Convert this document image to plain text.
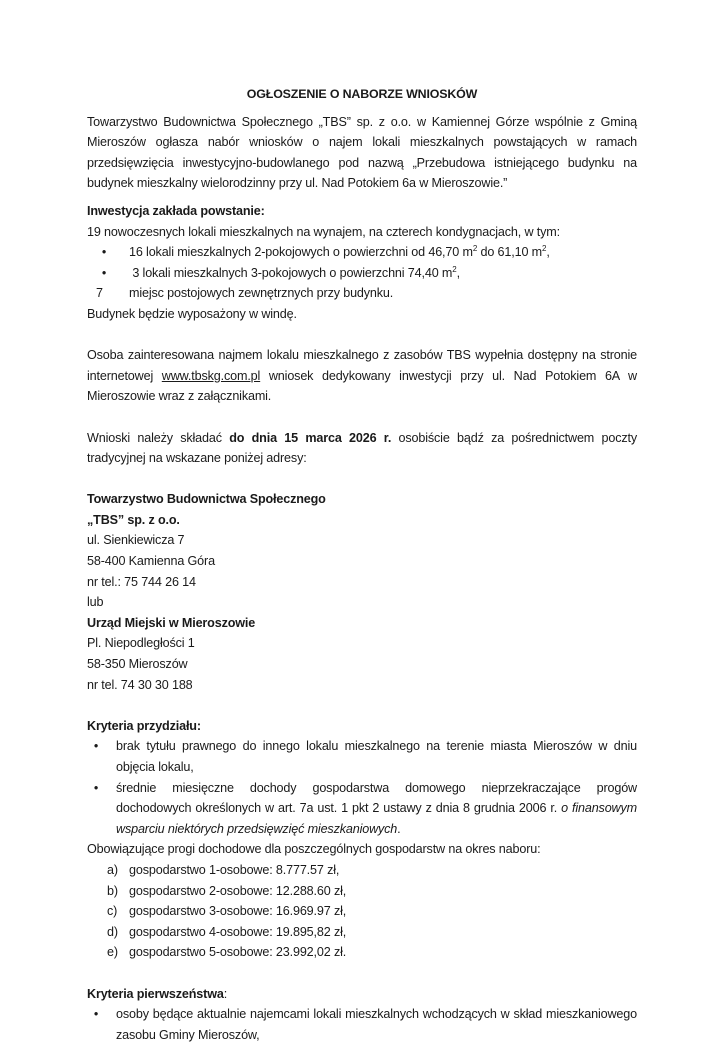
OGŁOSZENIE O NABORZE WNIOSKÓW

Towarzystwo Budownictwa Społecznego „TBS” sp. z o.o. w Kamiennej Górze wspólnie z Gminą Mieroszów ogłasza nabór wniosków o najem lokali mieszkalnych powstających w ramach przedsięwzięcia inwestycyjno-budowlanego pod nazwą „Przebudowa istniejącego budynku na budynek mieszkalny wielorodzinny przy ul. Nad Potokiem 6a w Mieroszowie.”

Inwestycja zakłada powstanie:

19 nowoczesnych lokali mieszkalnych na wynajem, na czterech kondygnacjach, w tym:

•	16 lokali mieszkalnych 2-pokojowych o powierzchni od 46,70 $m^2$ do 61,10 $m^2$,
•	3 lokali mieszkalnych 3-pokojowych o powierzchni 74,40 $m^2$,

7 miejsc postojowych zewnętrznych przy budynku.

Budynek będzie wyposażony w windę.

Osoba zainteresowana najmem lokalu mieszkalnego z zasobów TBS wypełnia dostępny na stronie internetowej www.tbskg.com.pl wniosek dedykowany inwestycji przy ul. Nad Potokiem 6A w Mieroszowie wraz z załącznikami.

Wnioski należy składać do dnia 15 marca 2026 r. osobiście bądź za pośrednictwem poczty tradycyjnej na wskazane poniżej adresy:

Towarzystwo Budownictwa Społecznego

„TBS” sp. z o.o.

ul. Sienkiewicza 7

58-400 Kamienna Góra

nr tel.: 75 744 26 14

lub

Urząd Miejski w Mieroszowie

Pl. Niepodległości 1

58-350 Mieroszów

nr tel. 74 30 30 188

Kryteria przydziału:

•	brak tytułu prawnego do innego lokalu mieszkalnego na terenie miasta Mieroszów w dniu objęcia lokalu,
•	średnie miesięczne dochody gospodarstwa domowego nieprzekraczające progów dochodowych określonych w art. 7a ust. 1 pkt 2 ustawy z dnia 8 grudnia 2006 r. o finansowym wsparciu niektórych przedsięwzięć mieszkaniowych.

Obowiązujące progi dochodowe dla poszczególnych gospodarstw na okres naboru:

a) gospodarstwo 1-osobowe: 8.777.57 zł,
b) gospodarstwo 2-osobowe: 12.288.60 zł,
c) gospodarstwo 3-osobowe: 16.969.97 zł,
d) gospodarstwo 4-osobowe: 19.895,82 zł,
e) gospodarstwo 5-osobowe: 23.992,02 zł.

Kryteria pierwszeństwa:

•	osoby będące aktualnie najemcami lokali mieszkalnych wchodzących w skład mieszkaniowego zasobu Gminy Mieroszów,
